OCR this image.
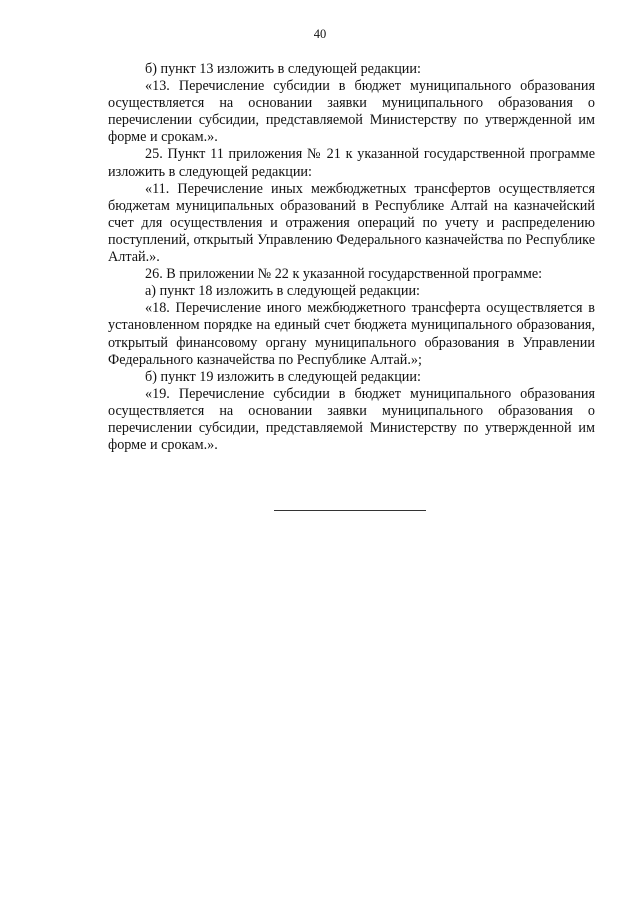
40

б) пункт 13 изложить в следующей редакции:

«13. Перечисление субсидии в бюджет муниципального образования осуществляется на основании заявки муниципального образования о перечислении субсидии, представляемой Министерству по утвержденной им форме и срокам.».

25. Пункт 11 приложения № 21 к указанной государственной программе изложить в следующей редакции:

«11. Перечисление иных межбюджетных трансфертов осуществляется бюджетам муниципальных образований в Республике Алтай на казначейский счет для осуществления и отражения операций по учету и распределению поступлений, открытый Управлению Федерального казначейства по Республике Алтай.».

26. В приложении № 22 к указанной государственной программе:

а) пункт 18 изложить в следующей редакции:

«18. Перечисление иного межбюджетного трансферта осуществляется в установленном порядке на единый счет бюджета муниципального образования, открытый финансовому органу муниципального образования в Управлении Федерального казначейства по Республике Алтай.»;

б) пункт 19 изложить в следующей редакции:

«19. Перечисление субсидии в бюджет муниципального образования осуществляется на основании заявки муниципального образования о перечислении субсидии, представляемой Министерству по утвержденной им форме и срокам.».
